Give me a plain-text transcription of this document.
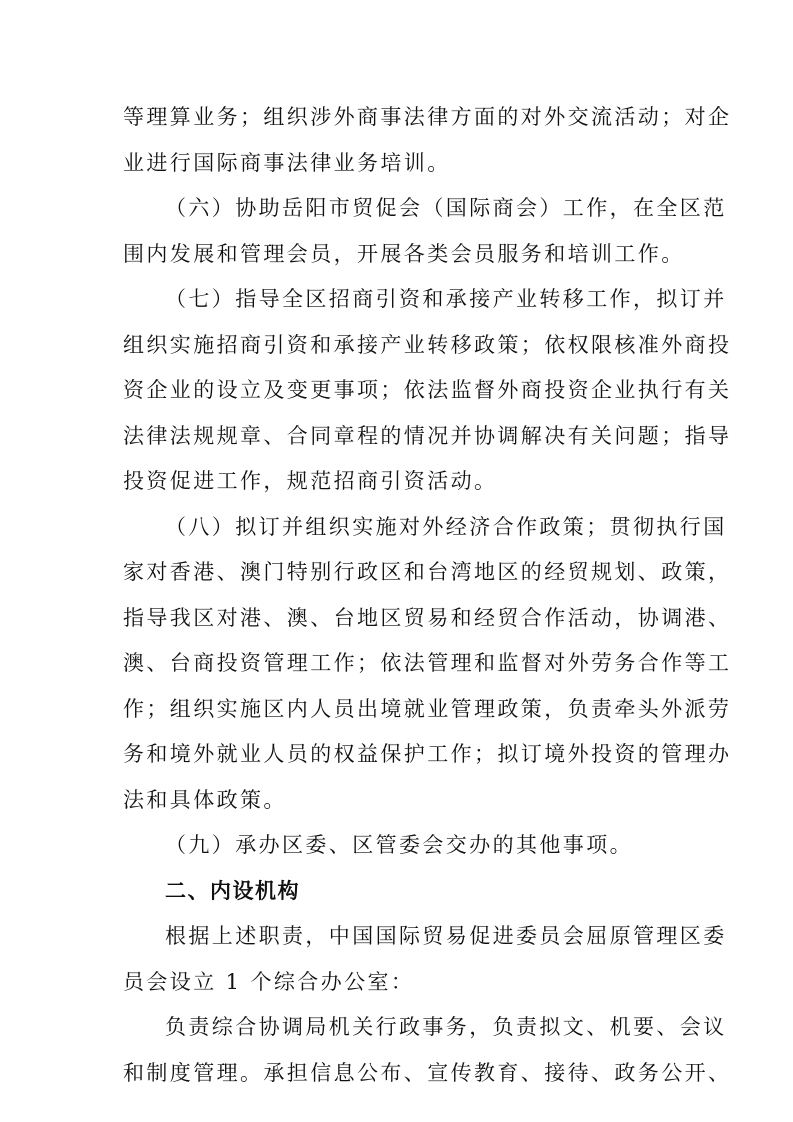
等理算业务；组织涉外商事法律方面的对外交流活动；对企
业进行国际商事法律业务培训。
（六）协助岳阳市贸促会（国际商会）工作，在全区范
围内发展和管理会员，开展各类会员服务和培训工作。
（七）指导全区招商引资和承接产业转移工作，拟订并
组织实施招商引资和承接产业转移政策；依权限核准外商投
资企业的设立及变更事项；依法监督外商投资企业执行有关
法律法规规章、合同章程的情况并协调解决有关问题；指导
投资促进工作，规范招商引资活动。
（八）拟订并组织实施对外经济合作政策；贯彻执行国
家对香港、澳门特别行政区和台湾地区的经贸规划、政策，
指导我区对港、澳、台地区贸易和经贸合作活动，协调港、
澳、台商投资管理工作；依法管理和监督对外劳务合作等工
作；组织实施区内人员出境就业管理政策，负责牵头外派劳
务和境外就业人员的权益保护工作；拟订境外投资的管理办
法和具体政策。
（九）承办区委、区管委会交办的其他事项。
二、内设机构
根据上述职责，中国国际贸易促进委员会屈原管理区委
员会设立 1 个综合办公室：
负责综合协调局机关行政事务，负责拟文、机要、会议
和制度管理。承担信息公布、宣传教育、接待、政务公开、
